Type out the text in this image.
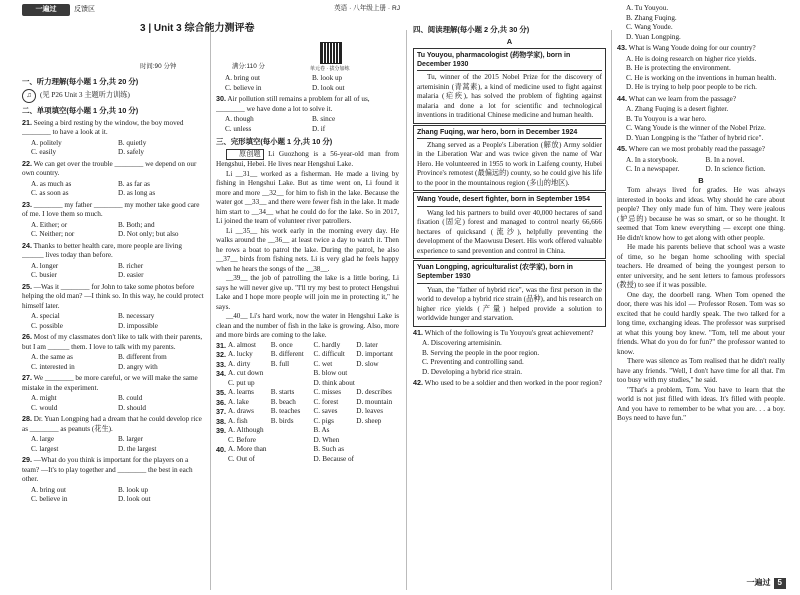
一遍过	反馈区	英语 · 八年级上册 · RJ
3 | Unit 3 综合能力测评卷
单元卷 · 拔分加练
时间:90 分钟	满分:110 分
一、听力理解(每小题 1 分,共 20 分)
♫	(见 P26 Unit 3 主题听力训练)
二、单项填空(每小题 1 分,共 10 分)
21. Seeing a bird resting by the window, the boy moved ________ to have a look at it.
A. politely	B. quietly
C. easily	D. safely
22. We can get over the trouble ________ we depend on our own country.
A. as much as	B. as far as
C. as soon as	D. as long as
23. ________ my father ________ my mother take good care of me. I love them so much.
A. Either; or	B. Both; and
C. Neither; nor	D. Not only; but also
24. Thanks to better health care, more people are living ______ lives today than before.
A. longer	B. richer
C. busier	D. easier
25. —Was it ________ for John to take some photos before helping the old man? —I think so. In this way, he could protect himself later.
A. special	B. necessary
C. possible	D. impossible
26. Most of my classmates don't like to talk with their parents, but I am ______ them. I love to talk with my parents.
A. the same as	B. different from
C. interested in	D. angry with
27. We ________ be more careful, or we will make the same mistake in the experiment.
A. might	B. could
C. would	D. should
28. Dr. Yuan Longping had a dream that he could develop rice as ________ as peanuts (花生).
A. large	B. larger
C. largest	D. the largest
29. —What do you think is important for the players on a team? —It's to play together and ________ the best in each other.
A. bring out	B. look up
C. believe in	D. look out
A. bring out	B. look up
C. believe in	D. look out
30. Air pollution still remains a problem for all of us, ________ we have done a lot to solve it.
A. though	B. since
C. unless	D. if
三、完形填空(每小题 1 分,共 10 分)
原创题 Li Guozhong is a 56-year-old man from Hengshui, Hebei. He lives near Hengshui Lake.
Li __31__ worked as a fisherman. He made a living by fishing in Hengshui Lake. But as time went on, Li found it more and more __32__ for him to fish in the lake. Because the water got __33__ and there were fewer fish in the lake. It made him start to __34__ what he could do for the lake. So in 2017, Li joined the team of volunteer river patrollers.
Li __35__ his work early in the morning every day. He walks around the __36__ at least twice a day to watch it. Then he rows a boat to patrol the lake. During the patrol, he also __37__ birds from fishing nets. Li is very glad he feels happy when he hears the songs of the __38__.
__39__ the job of patrolling the lake is a little boring, Li says he will never give up. "I'll try my best to protect Hengshui Lake and I hope more people will join me in protecting it," he says.
__40__ Li's hard work, now the water in Hengshui Lake is clean and the number of fish in the lake is growing. Also, more and more birds are coming to the lake.
31. A. almost	B. once	C. hardly	D. later
32. A. lucky	B. different	C. difficult	D. important
33. A. dirty	B. full	C. wet	D. slow
34. A. cut down	B. blow out
C. put up	D. think about
35. A. learns	B. starts	C. misses	D. describes
36. A. lake	B. beach	C. forest	D. mountain
37. A. draws	B. teaches	C. saves	D. leaves
38. A. fish	B. birds	C. pigs	D. sheep
39. A. Although	B. As
C. Before	D. When
40. A. More than	B. Such as
C. Out of	D. Because of
四、阅读理解(每小题 2 分,共 30 分)
A
Tu Youyou, pharmacologist (药物学家), born in December 1930
Tu, winner of the 2015 Nobel Prize for the discovery of artemisinin (青蒿素), a kind of medicine used to fight against malaria (疟疾), has solved the problem of fighting against malaria and done a lot for scientific and technological inventions in traditional Chinese medicine and human health.
Zhang Fuqing, war hero, born in December 1924
Zhang served as a People's Liberation (解放) Army soldier in the Liberation War and was twice given the name of War Hero. He volunteered in 1955 to work in Laifeng county, Hubei Province's remotest (最偏远的) county, so he could give his life to the poor in the mountainous region (多山的地区).
Wang Youde, desert fighter, born in September 1954
Wang led his partners to build over 40,000 hectares of sand fixation (固定) forest and managed to control nearly 66,666 hectares of quicksand (流沙), helpfully preventing the development of the Maowusu Desert. His work offered valuable experience to sand prevention and control in China.
Yuan Longping, agriculturalist (农学家), born in September 1930
Yuan, the "father of hybrid rice", was the first person in the world to develop a hybrid rice strain (品种), and his research on higher rice yields (产量) helped provide a solution to worldwide hunger and starvation.
41. Which of the following is Tu Youyou's great achievement?
A. Discovering artemisinin.
B. Serving the people in the poor region.
C. Preventing and controlling sand.
D. Developing a hybrid rice strain.
42. Who used to be a soldier and then worked in the poor region?
A. Tu Youyou.
B. Zhang Fuqing.
C. Wang Youde.
D. Yuan Longping.
43. What is Wang Youde doing for our country?
A. He is doing research on higher rice yields.
B. He is protecting the environment.
C. He is working on the inventions in human health.
D. He is trying to help poor people to be rich.
44. What can we learn from the passage?
A. Zhang Fuqing is a desert fighter.
B. Tu Youyou is a war hero.
C. Wang Youde is the winner of the Nobel Prize.
D. Yuan Longping is the "father of hybrid rice".
45. Where can we most probably read the passage?
A. In a storybook.	B. In a novel.
C. In a newspaper.	D. In science fiction.
B
Tom always lived for grades. He was always interested in books and ideas. Why should he care about people? They only made fun of him. They were jealous (妒忌的) because he was so smart, or so he thought. It seemed that Tom knew everything — except one thing. He didn't know how to get along with other people.
He made his parents believe that school was a waste of time, so he began home schooling with special teachers. He dreamed of being the youngest person to enter university, and he sent letters to famous professors (教授) to see if it was possible.
One day, the doorbell rang. When Tom opened the door, there was his idol — Professor Rosen. Tom was so excited that he could hardly speak. The two talked for a long time, exchanging ideas. The professor was surprised at what this young boy knew. "Tom, tell me about your friends. What do you do for fun?" the professor wanted to know.
There was silence as Tom realised that he didn't really have any friends. "Well, I don't have time for all that. I'm too busy with my studies," he said.
"That's a problem, Tom. You have to learn that the world is not just filled with ideas. It's filled with people. And you have to remember to be what you are. . . a boy. Boys need to have fun."
一遍过 5
